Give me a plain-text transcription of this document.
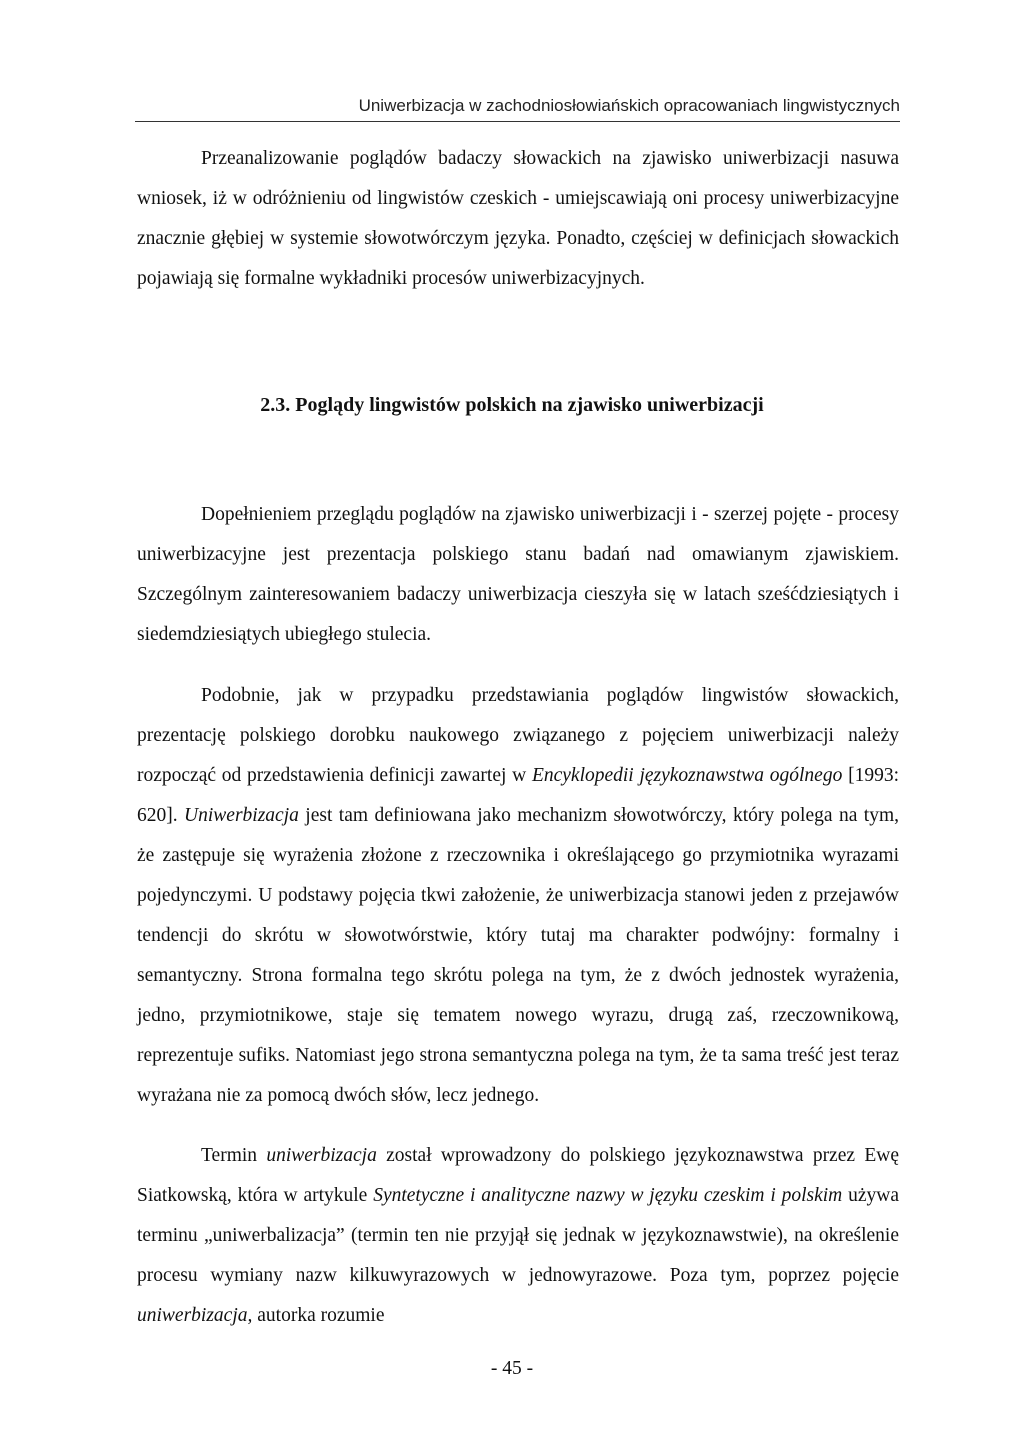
Uniwerbizacja w zachodniosłowiańskich opracowaniach lingwistycznych

Przeanalizowanie poglądów badaczy słowackich na zjawisko uniwerbizacji nasuwa wniosek, iż w odróżnieniu od lingwistów czeskich - umiejscawiają oni procesy uniwerbizacyjne znacznie głębiej w systemie słowotwórczym języka. Ponadto, częściej w definicjach słowackich pojawiają się formalne wykładniki procesów uniwerbizacyjnych.

2.3. Poglądy lingwistów polskich na zjawisko uniwerbizacji

Dopełnieniem przeglądu poglądów na zjawisko uniwerbizacji i - szerzej pojęte - procesy uniwerbizacyjne jest prezentacja polskiego stanu badań nad omawianym zjawiskiem. Szczególnym zainteresowaniem badaczy uniwerbizacja cieszyła się w latach sześćdziesiątych i siedemdziesiątych ubiegłego stulecia.

Podobnie, jak w przypadku przedstawiania poglądów lingwistów słowackich, prezentację polskiego dorobku naukowego związanego z pojęciem uniwerbizacji należy rozpocząć od przedstawienia definicji zawartej w Encyklopedii językoznawstwa ogólnego [1993: 620]. Uniwerbizacja jest tam definiowana jako mechanizm słowotwórczy, który polega na tym, że zastępuje się wyrażenia złożone z rzeczownika i określającego go przymiotnika wyrazami pojedynczymi. U podstawy pojęcia tkwi założenie, że uniwerbizacja stanowi jeden z przejawów tendencji do skrótu w słowotwórstwie, który tutaj ma charakter podwójny: formalny i semantyczny. Strona formalna tego skrótu polega na tym, że z dwóch jednostek wyrażenia, jedno, przymiotnikowe, staje się tematem nowego wyrazu, drugą zaś, rzeczownikową, reprezentuje sufiks. Natomiast jego strona semantyczna polega na tym, że ta sama treść jest teraz wyrażana nie za pomocą dwóch słów, lecz jednego.

Termin uniwerbizacja został wprowadzony do polskiego językoznawstwa przez Ewę Siatkowską, która w artykule Syntetyczne i analityczne nazwy w języku czeskim i polskim używa terminu „uniwerbalizacja” (termin ten nie przyjął się jednak w językoznawstwie), na określenie procesu wymiany nazw kilkuwyrazowych w jednowyrazowe. Poza tym, poprzez pojęcie uniwerbizacja, autorka rozumie

- 45 -
